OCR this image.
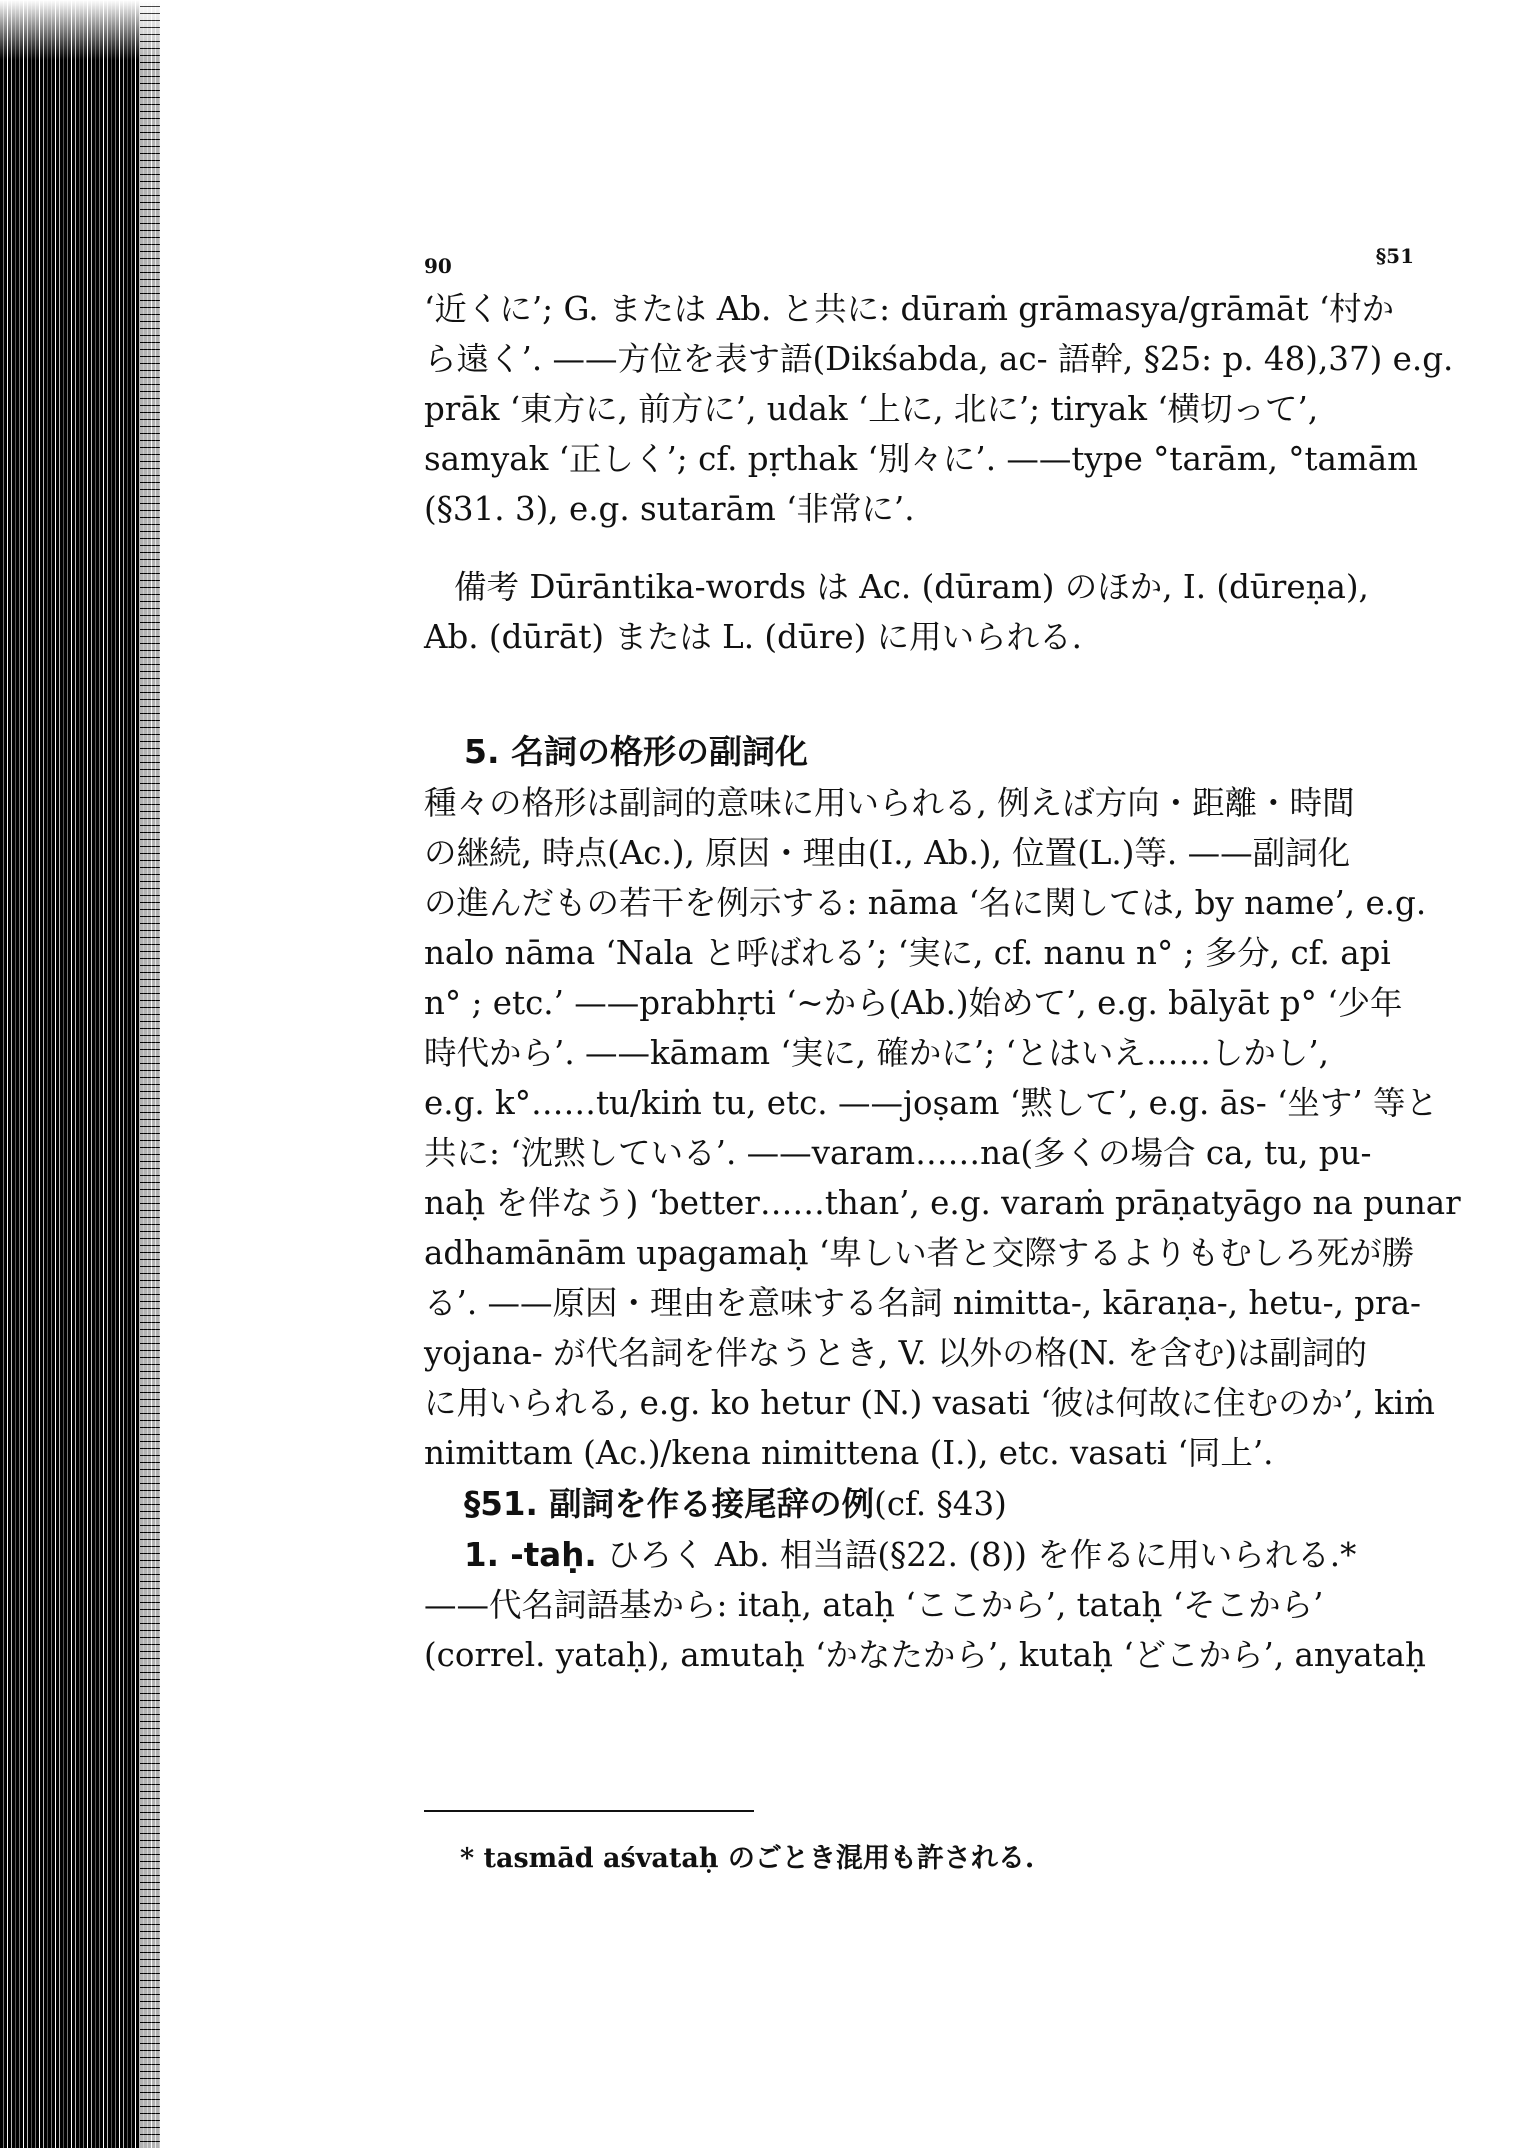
90	§51
‘近くに’; G. または Ab. と共に: dūraṁ grāmasya/grāmāt ‘村か
ら遠く’. ——方位を表す語(Dikśabda, ac- 語幹, §25: p. 48),37) e.g.
prāk ‘東方に, 前方に’, udak ‘上に, 北に’; tiryak ‘横切って’,
samyak ‘正しく’; cf. pṛthak ‘別々に’. ——type °tarām, °tamām
(§31. 3), e.g. sutarām ‘非常に’.
備考 Dūrāntika-words は Ac. (dūram) のほか, I. (dūreṇa),
Ab. (dūrāt) または L. (dūre) に用いられる.
5. 名詞の格形の副詞化
種々の格形は副詞的意味に用いられる, 例えば方向・距離・時間
の継続, 時点(Ac.), 原因・理由(I., Ab.), 位置(L.)等. ——副詞化
の進んだもの若干を例示する: nāma ‘名に関しては, by name’, e.g.
nalo nāma ‘Nala と呼ばれる’; ‘実に, cf. nanu n° ; 多分, cf. api
n° ; etc.’ ——prabhṛti ‘~から(Ab.)始めて’, e.g. bālyāt p° ‘少年
時代から’. ——kāmam ‘実に, 確かに’; ‘とはいえ……しかし’,
e.g. k°……tu/kiṁ tu, etc. ——joṣam ‘黙して’, e.g. ās- ‘坐す’ 等と
共に: ‘沈黙している’. ——varam……na(多くの場合 ca, tu, pu-
naḥ を伴なう) ‘better……than’, e.g. varaṁ prāṇatyāgo na punar
adhamānām upagamaḥ ‘卑しい者と交際するよりもむしろ死が勝
る’. ——原因・理由を意味する名詞 nimitta-, kāraṇa-, hetu-, pra-
yojana- が代名詞を伴なうとき, V. 以外の格(N. を含む)は副詞的
に用いられる, e.g. ko hetur (N.) vasati ‘彼は何故に住むのか’, kiṁ
nimittam (Ac.)/kena nimittena (I.), etc. vasati ‘同上’.
§51. 副詞を作る接尾辞の例(cf. §43)
1. -taḥ. ひろく Ab. 相当語(§22. (8)) を作るに用いられる.*
——代名詞語基から: itaḥ, ataḥ ‘ここから’, tataḥ ‘そこから’
(correl. yataḥ), amutaḥ ‘かなたから’, kutaḥ ‘どこから’, anyataḥ
* tasmād aśvataḥ のごとき混用も許される.
